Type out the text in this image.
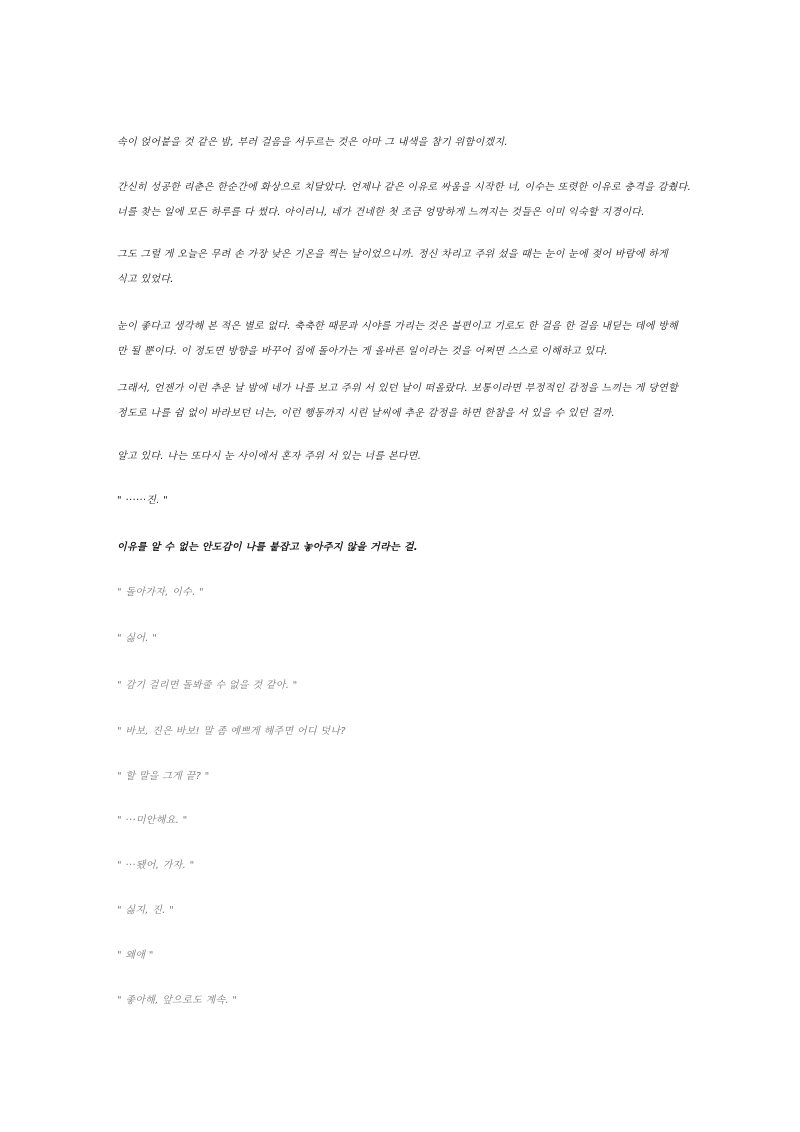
속이 얹어붙을 것 같은 밤, 부러 걸음을 서두르는 것은 아마 그 내색을 참기 위함이겠지.
간신히 성공한 리춘은 한순간에 화상으로 치달았다. 언제나 같은 이유로 싸움을 시작한 너, 이수는 또렷한 이유로 충격을 감췄다.
너를 찾는 일에 모든 하루를 다 썼다. 아이러니, 네가 건네한 첫 조금 엉망하게 느껴지는 것들은 이미 익숙할 지경이다.
그도 그럴 게 오늘은 무려 손 가장 낮은 기온을 찍는 날이었으니까. 정신 차리고 주위 섰을 때는 눈이 눈에 젖어 바람에 하게
식고 있었다.
눈이 좋다고 생각해 본 적은 별로 없다. 축축한 때문과 시야를 가리는 것은 불편이고 기로도 한 걸음 한 걸음 내딛는 데에 방해
만 될 뿐이다. 이 정도면 방향을 바꾸어 집에 돌아가는 게 올바른 일이라는 것을 어쩌면 스스로 이해하고 있다.
그래서, 언젠가 이런 추운 날 밤에 네가 나를 보고 주위 서 있던 날이 떠올랐다. 보통이라면 부정적인 감정을 느끼는 게 당연할
정도로 나를 쉼 없이 바라보던 너는, 이런 행동까지 시린 날씨에 추운 감정을 하면 한참을 서 있을 수 있던 걸까.
알고 있다. 나는 또다시 눈 사이에서 혼자 주위 서 있는 너를 본다면.
" ······진. "
이유를 알 수 없는 안도감이 나를 붙잡고 놓아주지 않을 거라는 걸.
" 돌아가자, 이수. "
" 싫어. "
" 감기 걸리면 돌봐줄 수 없을 것 같아. "
" 바보, 진은 바보! 말 좀 예쁘게 해주면 어디 덧나?
" 할 말을 그게 끝? "
" ···미안해요. "
" ···됐어, 가자. "
" 싫지, 진. "
" 왜애 "
" 좋아해, 앞으로도 계속. "
